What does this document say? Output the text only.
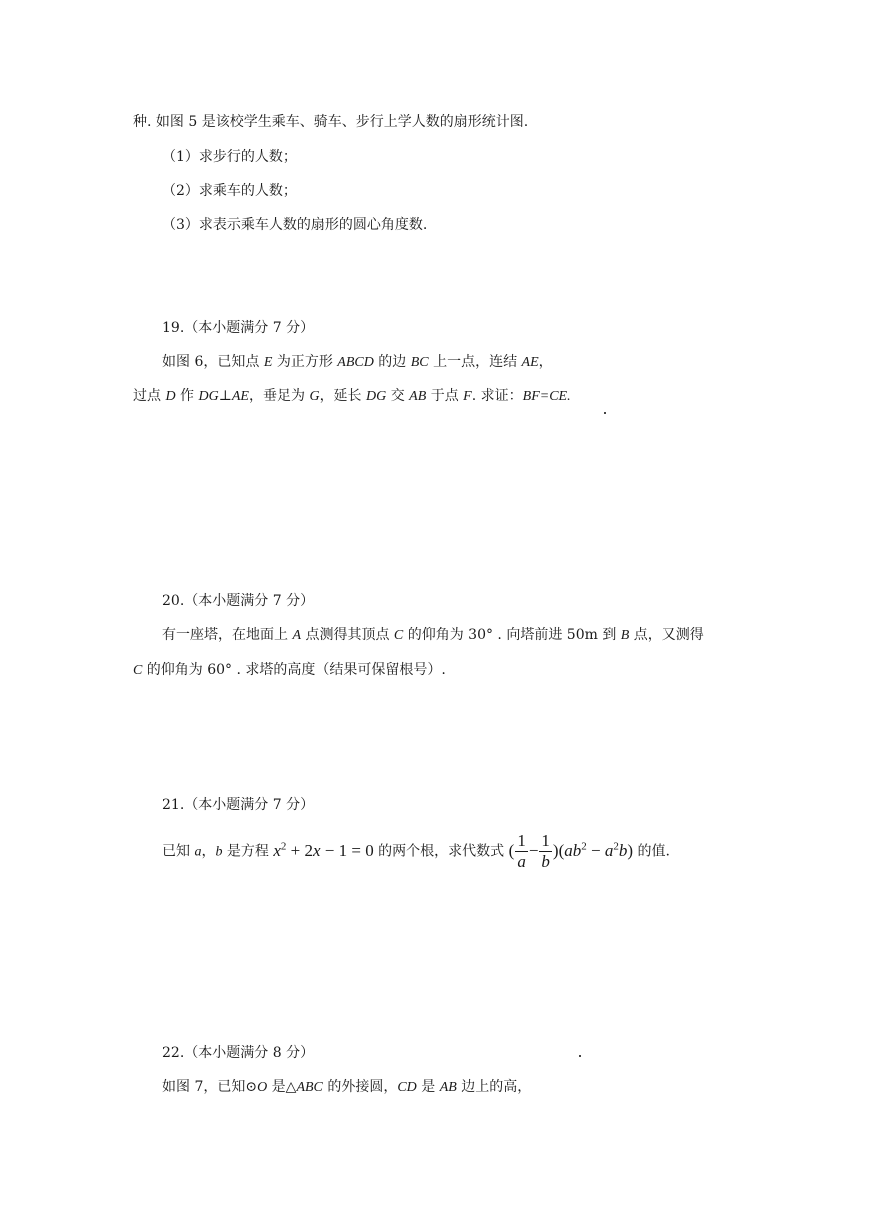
种. 如图 5 是该校学生乘车、骑车、步行上学人数的扇形统计图.
（1）求步行的人数；
（2）求乘车的人数；
（3）求表示乘车人数的扇形的圆心角度数.
19.（本小题满分 7 分）
如图 6，已知点 E 为正方形 ABCD 的边 BC 上一点，连结 AE，
过点 D 作 DG⊥AE，垂足为 G，延长 DG 交 AB 于点 F. 求证：BF=CE.
20.（本小题满分 7 分）
有一座塔，在地面上 A 点测得其顶点 C 的仰角为 30° . 向塔前进 50m 到 B 点，又测得
C 的仰角为 60° . 求塔的高度（结果可保留根号）.
21.（本小题满分 7 分）
已知 a，b 是方程 $x^2 + 2x - 1 = 0$ 的两个根，求代数式 ( $\frac{1}{a} - \frac{1}{b} )(ab^2 - a^2b)$ 的值.
22.（本小题满分 8 分）
如图 7，已知⊙O 是△ABC 的外接圆，CD 是 AB 边上的高，
